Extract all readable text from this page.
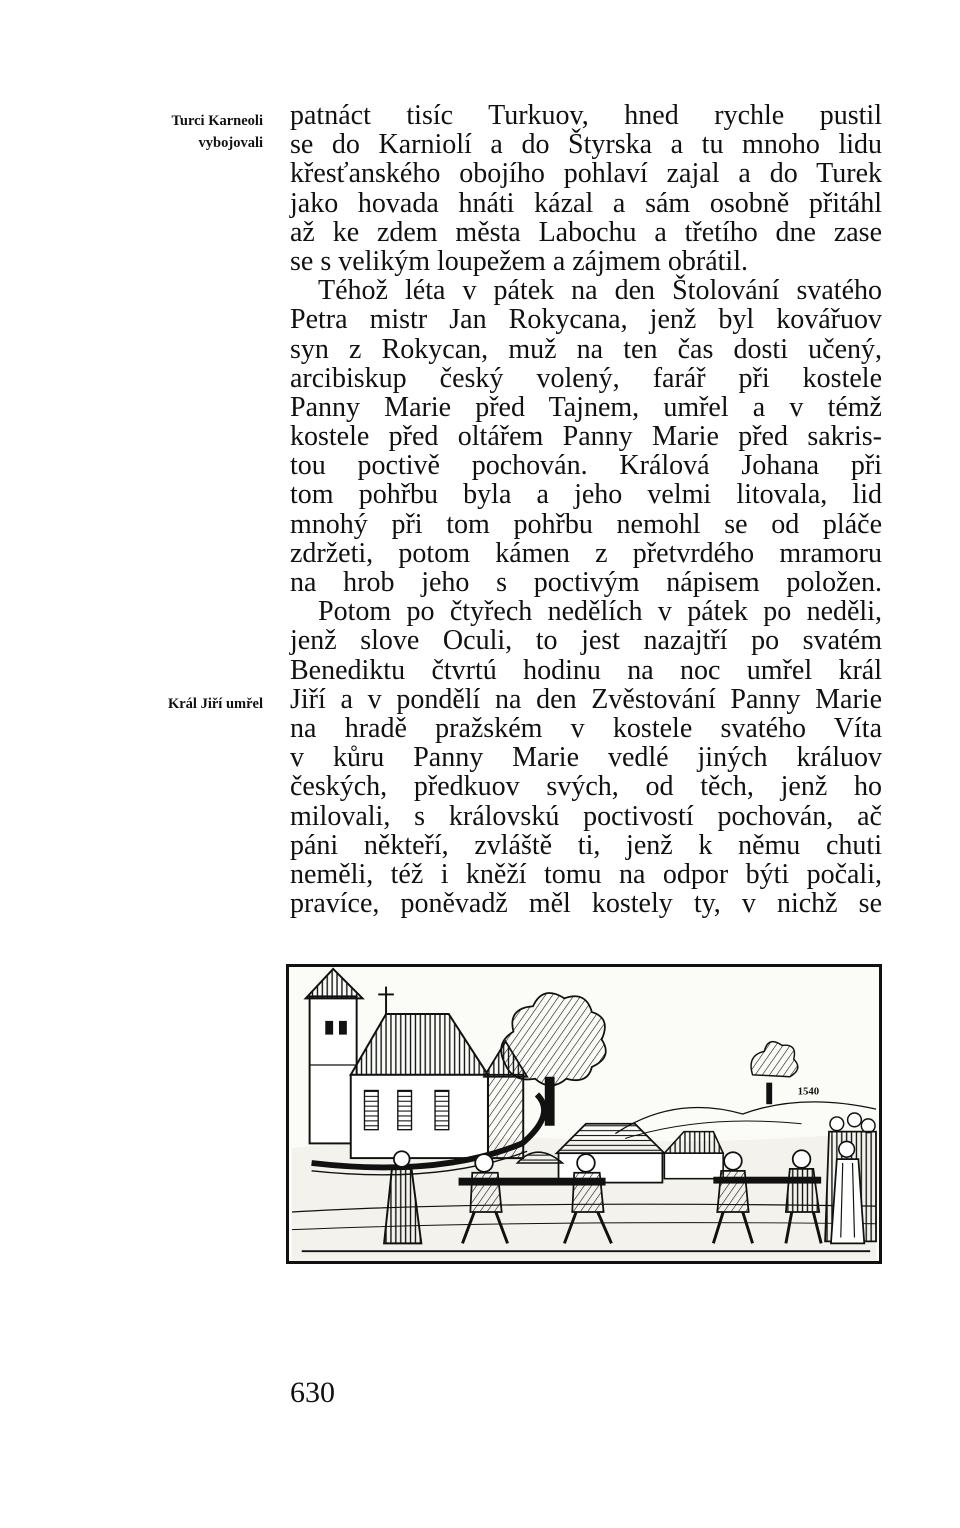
Turci Karneoli
vybojovali
Král Jiří umřel
patnáct tisíc Turkuov, hned rychle pustil
se do Karniolí a do Štyrska a tu mnoho lidu
křesťanského obojího pohlaví zajal a do Turek
jako hovada hnáti kázal a sám osobně přitáhl
až ke zdem města Labochu a třetího dne zase
se s velikým loupežem a zájmem obrátil.
Téhož léta v pátek na den Štolování svatého
Petra mistr Jan Rokycana, jenž byl kovářuov
syn z Rokycan, muž na ten čas dosti učený,
arcibiskup český volený, farář při kostele
Panny Marie před Tajnem, umřel a v témž
kostele před oltářem Panny Marie před sakris-
tou poctivě pochován. Králová Johana při
tom pohřbu byla a jeho velmi litovala, lid
mnohý při tom pohřbu nemohl se od pláče
zdržeti, potom kámen z přetvrdého mramoru
na hrob jeho s poctivým nápisem položen.
Potom po čtyřech nedělích v pátek po neděli,
jenž slove Oculi, to jest nazajtří po svatém
Benediktu čtvrtú hodinu na noc umřel král
Jiří a v pondělí na den Zvěstování Panny Marie
na hradě pražském v kostele svatého Víta
v kůru Panny Marie vedlé jiných králuov
českých, předkuov svých, od těch, jenž ho
milovali, s královskú poctivostí pochován, ač
páni někteří, zvláště ti, jenž k němu chuti
neměli, též i kněží tomu na odpor býti počali,
pravíce, poněvadž měl kostely ty, v nichž se
1540
630
